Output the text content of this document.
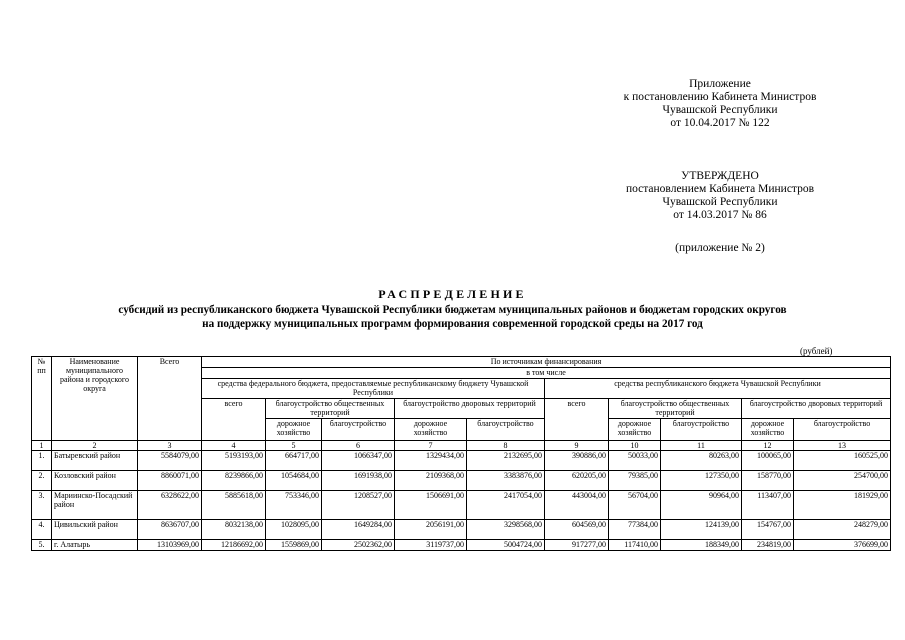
Приложение
к постановлению Кабинета Министров
Чувашской Республики
от 10.04.2017 № 122
УТВЕРЖДЕНО
постановлением Кабинета Министров
Чувашской Республики
от 14.03.2017 № 86
(приложение № 2)
РАСПРЕДЕЛЕНИЕ
субсидий из республиканского бюджета Чувашской Республики бюджетам муниципальных районов и бюджетам городских округов
на поддержку муниципальных программ формирования современной городской среды на 2017 год
(рублей)
№ пп	Наименование муниципального района и городского округа	Всего	По источникам финансирования									
			в том числе									
			средства федерального бюджета, предоставляемые республиканскому бюджету Чувашской Республики					средства республиканского бюджета Чувашской Республики				
			всего	благоустройство общественных территорий		благоустройство дворовых территорий		всего	благоустройство общественных территорий		благоустройство дворовых территорий	
				дорожное хозяйство	благоустройство	дорожное хозяйство	благоустройство		дорожное хозяйство	благоустройство	дорожное хозяйство	благоустройство
1	2	3	4	5	6	7	8	9	10	11	12	13
1.	Батыревский район	5584079,00	5193193,00	664717,00	1066347,00	1329434,00	2132695,00	390886,00	50033,00	80263,00	100065,00	160525,00
2.	Козловский район	8860071,00	8239866,00	1054684,00	1691938,00	2109368,00	3383876,00	620205,00	79385,00	127350,00	158770,00	254700,00
3.	Мариинско-Посадский район	6328622,00	5885618,00	753346,00	1208527,00	1506691,00	2417054,00	443004,00	56704,00	90964,00	113407,00	181929,00
4.	Цивильский район	8636707,00	8032138,00	1028095,00	1649284,00	2056191,00	3298568,00	604569,00	77384,00	124139,00	154767,00	248279,00
5.	г. Алатырь	13103969,00	12186692,00	1559869,00	2502362,00	3119737,00	5004724,00	917277,00	117410,00	188349,00	234819,00	376699,00
